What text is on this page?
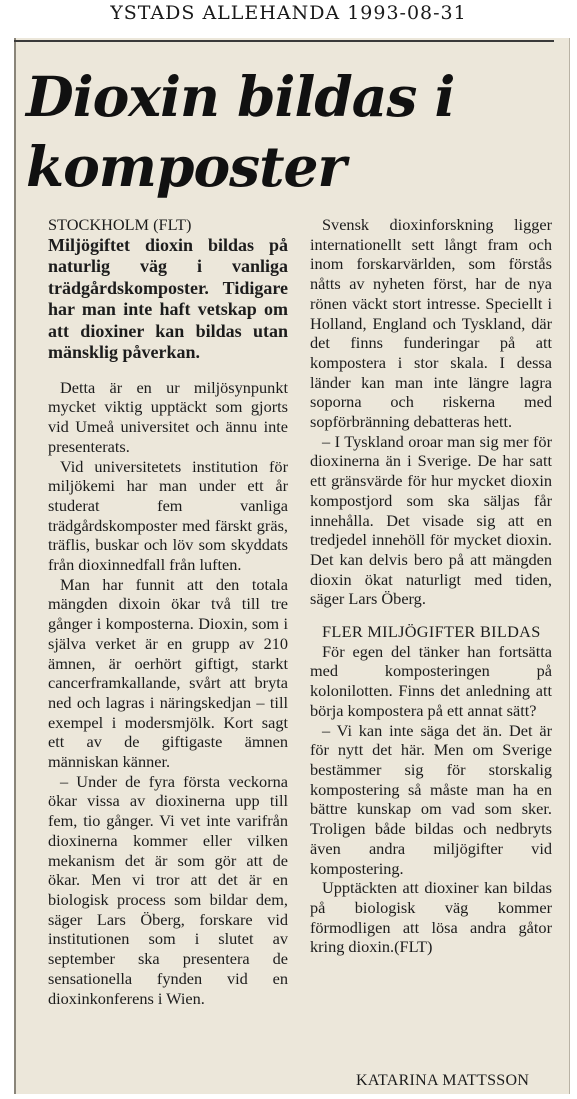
YSTADS ALLEHANDA 1993-08-31
Dioxin bildas i komposter

STOCKHOLM (FLT)

Miljögiftet dioxin bildas på naturlig väg i vanliga trädgårdskomposter. Tidigare har man inte haft vetskap om att dioxiner kan bildas utan mänsklig påverkan.

Detta är en ur miljösynpunkt mycket viktig upptäckt som gjorts vid Umeå universitet och ännu inte presenterats.

Vid universitetets institution för miljökemi har man under ett år studerat fem vanliga trädgårdskomposter med färskt gräs, träflis, buskar och löv som skyddats från dioxinnedfall från luften.

Man har funnit att den totala mängden dixoin ökar två till tre gånger i komposterna. Dioxin, som i själva verket är en grupp av 210 ämnen, är oerhört giftigt, starkt cancerframkallande, svårt att bryta ned och lagras i näringskedjan – till exempel i modersmjölk. Kort sagt ett av de giftigaste ämnen människan känner.

– Under de fyra första veckorna ökar vissa av dioxinerna upp till fem, tio gånger. Vi vet inte varifrån dioxinerna kommer eller vilken mekanism det är som gör att de ökar. Men vi tror att det är en biologisk process som bildar dem, säger Lars Öberg, forskare vid institutionen som i slutet av september ska presentera de sensationella fynden vid en dioxinkonferens i Wien.

Svensk dioxinforskning ligger internationellt sett långt fram och inom forskarvärlden, som förstås nåtts av nyheten först, har de nya rönen väckt stort intresse. Speciellt i Holland, England och Tyskland, där det finns funderingar på att kompostera i stor skala. I dessa länder kan man inte längre lagra soporna och riskerna med sopförbränning debatteras hett.

– I Tyskland oroar man sig mer för dioxinerna än i Sverige. De har satt ett gränsvärde för hur mycket dioxin kompostjord som ska säljas får innehålla. Det visade sig att en tredjedel innehöll för mycket dioxin. Det kan delvis bero på att mängden dioxin ökat naturligt med tiden, säger Lars Öberg.

FLER MILJÖGIFTER BILDAS

För egen del tänker han fortsätta med komposteringen på kolonilotten. Finns det anledning att börja kompostera på ett annat sätt?

– Vi kan inte säga det än. Det är för nytt det här. Men om Sverige bestämmer sig för storskalig kompostering så måste man ha en bättre kunskap om vad som sker. Troligen både bildas och nedbryts även andra miljögifter vid kompostering.

Upptäckten att dioxiner kan bildas på biologisk väg kommer förmodligen att lösa andra gåtor kring dioxin.(FLT)

KATARINA MATTSSON
